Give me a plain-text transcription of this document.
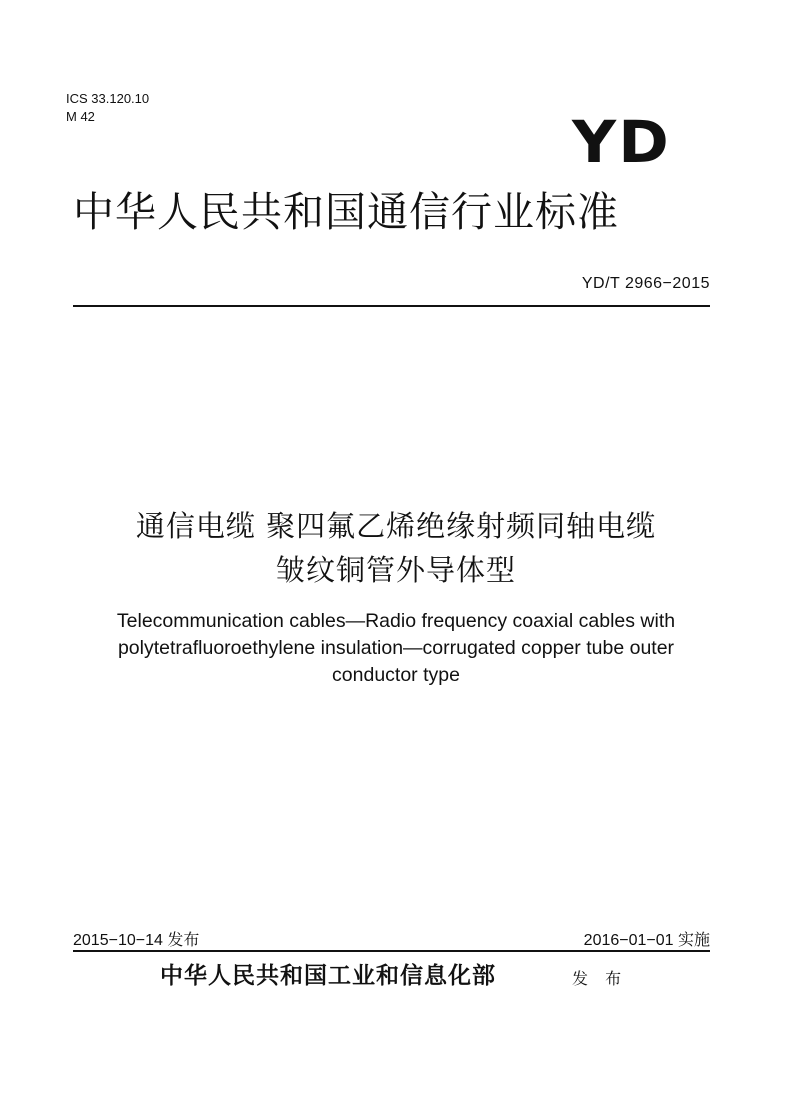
ICS 33.120.10
M 42	YD
中华人民共和国通信行业标准
YD/T 2966−2015
通信电缆 聚四氟乙烯绝缘射频同轴电缆
皱纹铜管外导体型
Telecommunication cables—Radio frequency coaxial cables with
polytetrafluoroethylene insulation—corrugated copper tube outer
conductor type
2015−10−14 发布	2016−01−01 实施
中华人民共和国工业和信息化部	发 布
